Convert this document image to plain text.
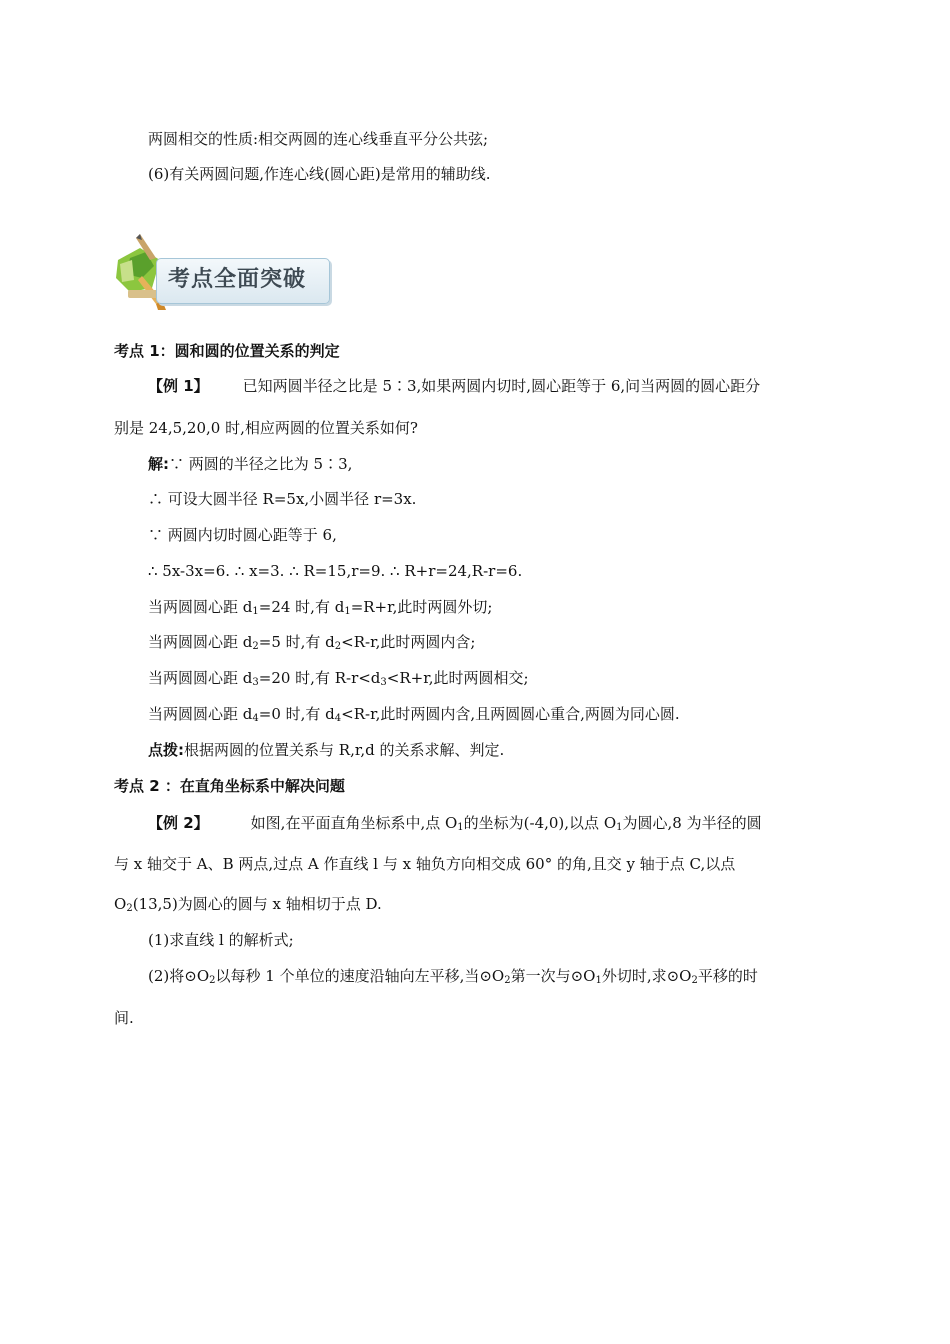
两圆相交的性质:相交两圆的连心线垂直平分公共弦;
(6)有关两圆问题,作连心线(圆心距)是常用的辅助线.
考点全面突破
考点 1：圆和圆的位置关系的判定
【例 1】 已知两圆半径之比是 5∶3,如果两圆内切时,圆心距等于 6,问当两圆的圆心距分
别是 24,5,20,0 时,相应两圆的位置关系如何?
解:∵ 两圆的半径之比为 5∶3,
∴ 可设大圆半径 R=5x,小圆半径 r=3x.
∵ 两圆内切时圆心距等于 6,
∴ 5x-3x=6. ∴ x=3. ∴ R=15,r=9. ∴ R+r=24,R-r=6.
当两圆圆心距 $d_1=24$ 时,有 $d_1=R+r$,此时两圆外切;
当两圆圆心距 $d_2=5$ 时,有 $d_2<R-r$,此时两圆内含;
当两圆圆心距 $d_3=20$ 时,有 $R-r<d_3<R+r$,此时两圆相交;
当两圆圆心距 $d_4=0$ 时,有 $d_4<R-r$,此时两圆内含,且两圆圆心重合,两圆为同心圆.
点拨:根据两圆的位置关系与 R,r,d 的关系求解、判定.
考点 2 ：在直角坐标系中解决问题
【例 2】	如图,在平面直角坐标系中,点 $O_1$的坐标为(-4,0),以点 $O_1$为圆心,8 为半径的圆
与 x 轴交于 A、B 两点,过点 A 作直线 l 与 x 轴负方向相交成 60° 的角,且交 y 轴于点 C,以点
$O_2(13,5)$为圆心的圆与 x 轴相切于点 D.
(1)求直线 l 的解析式;
(2)将$⊙O_2$以每秒 1 个单位的速度沿轴向左平移,当$⊙O_2$第一次与$⊙O_1$外切时,求$⊙O_2$平移的时
间.
